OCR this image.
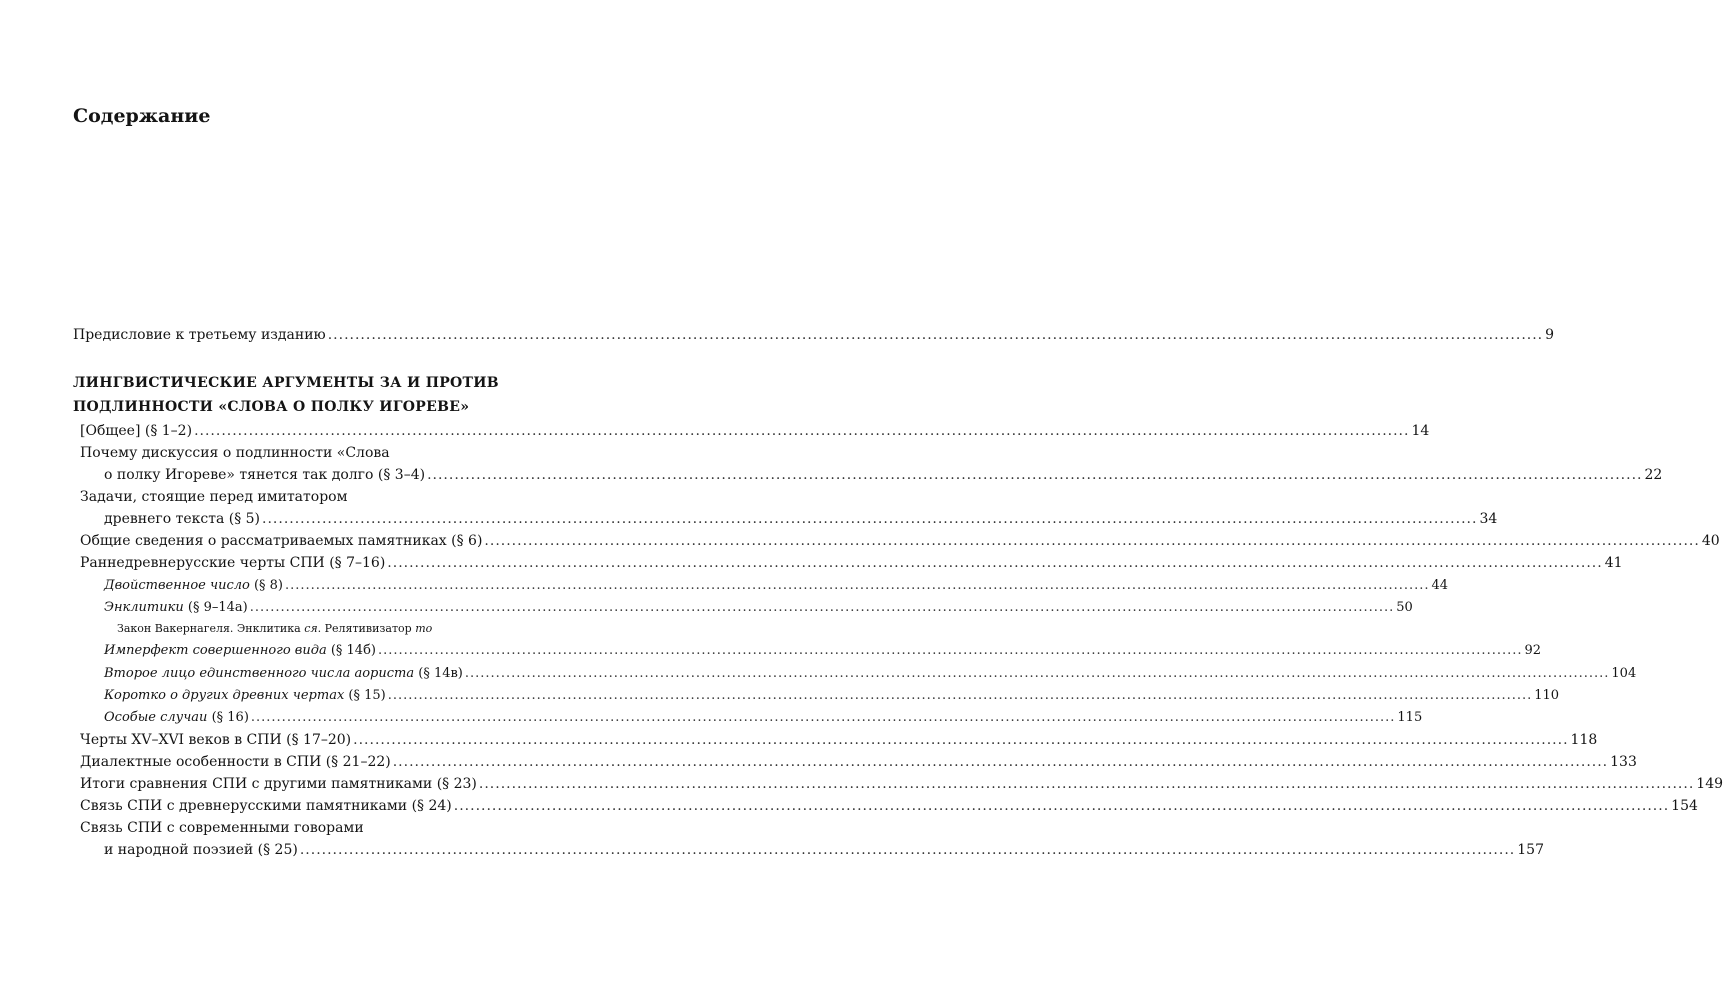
Содержание
Предисловие к третьему изданию ............................................................................................................................................................................................................................... 9
ЛИНГВИСТИЧЕСКИЕ АРГУМЕНТЫ ЗА И ПРОТИВ
ПОДЛИННОСТИ «СЛОВА О ПОЛКУ ИГОРЕВЕ»
[Общее] (§ 1–2) ............................................................................................................................................................................................................................... 14
Почему дискуссия о подлинности «Слова
о полку Игореве» тянется так долго (§ 3–4) ............................................................................................................................................................................................................................... 22
Задачи, стоящие перед имитатором
древнего текста (§ 5) ............................................................................................................................................................................................................................... 34
Общие сведения о рассматриваемых памятниках (§ 6) ............................................................................................................................................................................................................................... 40
Раннедревнерусские черты СПИ (§ 7–16) ............................................................................................................................................................................................................................... 41
Двойственное число (§ 8) ............................................................................................................................................................................................................................... 44
Энклитики (§ 9–14а) ............................................................................................................................................................................................................................... 50
Закон Вакернагеля. Энклитика ся. Релятивизатор то
Имперфект совершенного вида (§ 14б) ............................................................................................................................................................................................................................... 92
Второе лицо единственного числа аориста (§ 14в) ............................................................................................................................................................................................................................... 104
Коротко о других древних чертах (§ 15) ............................................................................................................................................................................................................................... 110
Особые случаи (§ 16) ............................................................................................................................................................................................................................... 115
Черты XV–XVI веков в СПИ (§ 17–20) ............................................................................................................................................................................................................................... 118
Диалектные особенности в СПИ (§ 21–22) ............................................................................................................................................................................................................................... 133
Итоги сравнения СПИ с другими памятниками (§ 23) ............................................................................................................................................................................................................................... 149
Связь СПИ с древнерусскими памятниками (§ 24) ............................................................................................................................................................................................................................... 154
Связь СПИ с современными говорами
и народной поэзией (§ 25) ............................................................................................................................................................................................................................... 157
